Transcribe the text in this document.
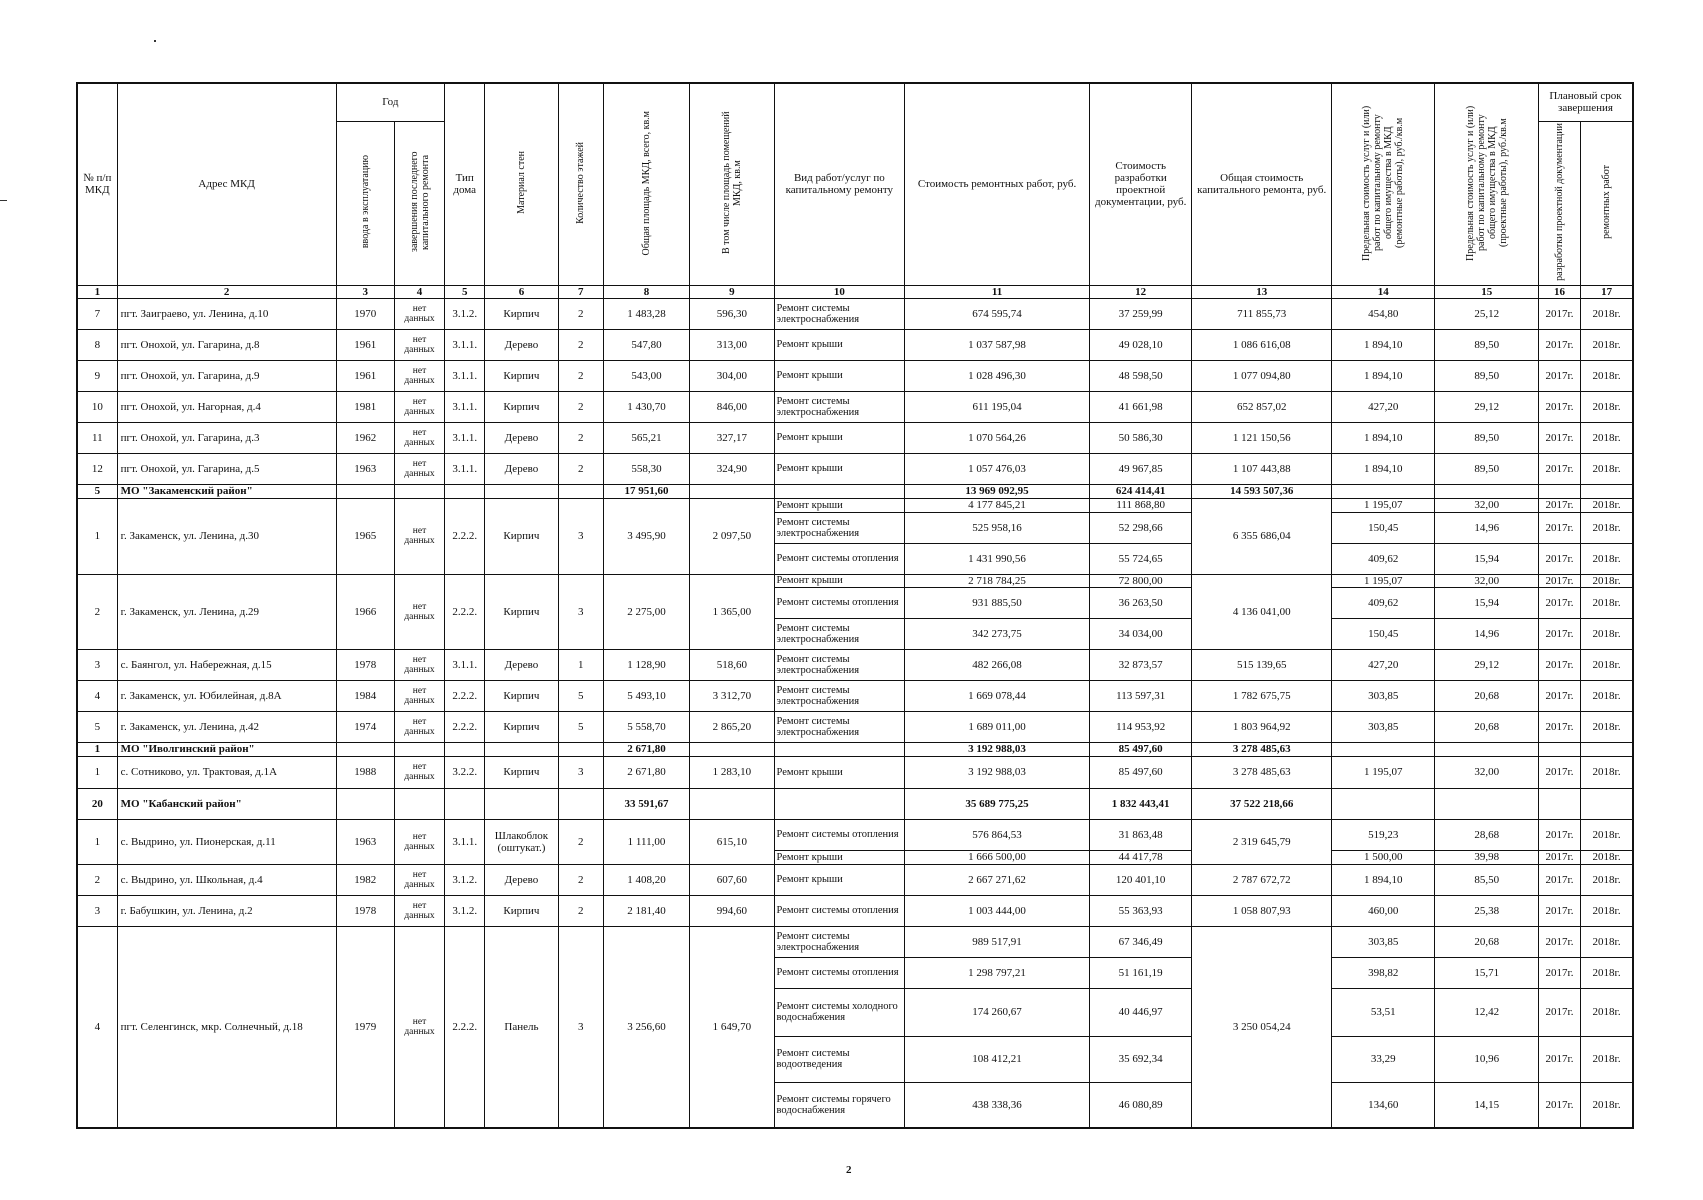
№ п/п МКД	Адрес МКД	Год		Тип дома	Материал стен	Количество этажей	Общая площадь МКД, всего, кв.м	В том числе площадь помещений МКД, кв.м	Вид работ/услуг по капитальному ремонту	Стоимость ремонтных работ, руб.	Стоимость разработки проектной документации, руб.	Общая стоимость капитального ремонта, руб.	Предельная стоимость услуг и (или) работ по капитальному ремонту общего имущества в МКД (ремонтные работы), руб./кв.м	Предельная стоимость услуг и (или) работ по капитальному ремонту общего имущества в МКД (проектные работы), руб./кв.м	Плановый срок завершения	
		ввода в эксплуатацию	завершения последнего капитального ремонта												разработки проектной документации	ремонтных работ
1	2	3	4	5	6	7	8	9	10	11	12	13	14	15	16	17
7	пгт. Заиграево, ул. Ленина, д.10	1970	нет данных	3.1.2.	Кирпич	2	1 483,28	596,30	Ремонт системы электроснабжения	674 595,74	37 259,99	711 855,73	454,80	25,12	2017г.	2018г.
8	пгт. Онохой, ул. Гагарина, д.8	1961	нет данных	3.1.1.	Дерево	2	547,80	313,00	Ремонт крыши	1 037 587,98	49 028,10	1 086 616,08	1 894,10	89,50	2017г.	2018г.
9	пгт. Онохой, ул. Гагарина, д.9	1961	нет данных	3.1.1.	Кирпич	2	543,00	304,00	Ремонт крыши	1 028 496,30	48 598,50	1 077 094,80	1 894,10	89,50	2017г.	2018г.
10	пгт. Онохой, ул. Нагорная, д.4	1981	нет данных	3.1.1.	Кирпич	2	1 430,70	846,00	Ремонт системы электроснабжения	611 195,04	41 661,98	652 857,02	427,20	29,12	2017г.	2018г.
11	пгт. Онохой, ул. Гагарина, д.3	1962	нет данных	3.1.1.	Дерево	2	565,21	327,17	Ремонт крыши	1 070 564,26	50 586,30	1 121 150,56	1 894,10	89,50	2017г.	2018г.
12	пгт. Онохой, ул. Гагарина, д.5	1963	нет данных	3.1.1.	Дерево	2	558,30	324,90	Ремонт крыши	1 057 476,03	49 967,85	1 107 443,88	1 894,10	89,50	2017г.	2018г.
5	МО "Закаменский район"						17 951,60			13 969 092,95	624 414,41	14 593 507,36				
1	г. Закаменск, ул. Ленина, д.30	1965	нет данных	2.2.2.	Кирпич	3	3 495,90	2 097,50	Ремонт крыши	4 177 845,21	111 868,80	6 355 686,04	1 195,07	32,00	2017г.	2018г.
									Ремонт системы электроснабжения	525 958,16	52 298,66		150,45	14,96	2017г.	2018г.
									Ремонт системы отопления	1 431 990,56	55 724,65		409,62	15,94	2017г.	2018г.
2	г. Закаменск, ул. Ленина, д.29	1966	нет данных	2.2.2.	Кирпич	3	2 275,00	1 365,00	Ремонт крыши	2 718 784,25	72 800,00	4 136 041,00	1 195,07	32,00	2017г.	2018г.
									Ремонт системы отопления	931 885,50	36 263,50		409,62	15,94	2017г.	2018г.
									Ремонт системы электроснабжения	342 273,75	34 034,00		150,45	14,96	2017г.	2018г.
3	с. Баянгол, ул. Набережная, д.15	1978	нет данных	3.1.1.	Дерево	1	1 128,90	518,60	Ремонт системы электроснабжения	482 266,08	32 873,57	515 139,65	427,20	29,12	2017г.	2018г.
4	г. Закаменск, ул. Юбилейная, д.8А	1984	нет данных	2.2.2.	Кирпич	5	5 493,10	3 312,70	Ремонт системы электроснабжения	1 669 078,44	113 597,31	1 782 675,75	303,85	20,68	2017г.	2018г.
5	г. Закаменск, ул. Ленина, д.42	1974	нет данных	2.2.2.	Кирпич	5	5 558,70	2 865,20	Ремонт системы электроснабжения	1 689 011,00	114 953,92	1 803 964,92	303,85	20,68	2017г.	2018г.
1	МО "Иволгинский район"						2 671,80			3 192 988,03	85 497,60	3 278 485,63				
1	с. Сотниково, ул. Трактовая, д.1А	1988	нет данных	3.2.2.	Кирпич	3	2 671,80	1 283,10	Ремонт крыши	3 192 988,03	85 497,60	3 278 485,63	1 195,07	32,00	2017г.	2018г.
20	МО "Кабанский район"						33 591,67			35 689 775,25	1 832 443,41	37 522 218,66				
1	с. Выдрино, ул. Пионерская, д.11	1963	нет данных	3.1.1.	Шлакоблок (оштукат.)	2	1 111,00	615,10	Ремонт системы отопления	576 864,53	31 863,48	2 319 645,79	519,23	28,68	2017г.	2018г.
									Ремонт крыши	1 666 500,00	44 417,78		1 500,00	39,98	2017г.	2018г.
2	с. Выдрино, ул. Школьная, д.4	1982	нет данных	3.1.2.	Дерево	2	1 408,20	607,60	Ремонт крыши	2 667 271,62	120 401,10	2 787 672,72	1 894,10	85,50	2017г.	2018г.
3	г. Бабушкин, ул. Ленина, д.2	1978	нет данных	3.1.2.	Кирпич	2	2 181,40	994,60	Ремонт системы отопления	1 003 444,00	55 363,93	1 058 807,93	460,00	25,38	2017г.	2018г.
4	пгт. Селенгинск, мкр. Солнечный, д.18	1979	нет данных	2.2.2.	Панель	3	3 256,60	1 649,70	Ремонт системы электроснабжения	989 517,91	67 346,49	3 250 054,24	303,85	20,68	2017г.	2018г.
									Ремонт системы отопления	1 298 797,21	51 161,19		398,82	15,71	2017г.	2018г.
									Ремонт системы холодного водоснабжения	174 260,67	40 446,97		53,51	12,42	2017г.	2018г.
									Ремонт системы водоотведения	108 412,21	35 692,34		33,29	10,96	2017г.	2018г.
									Ремонт системы горячего водоснабжения	438 338,36	46 080,89		134,60	14,15	2017г.	2018г.
2
